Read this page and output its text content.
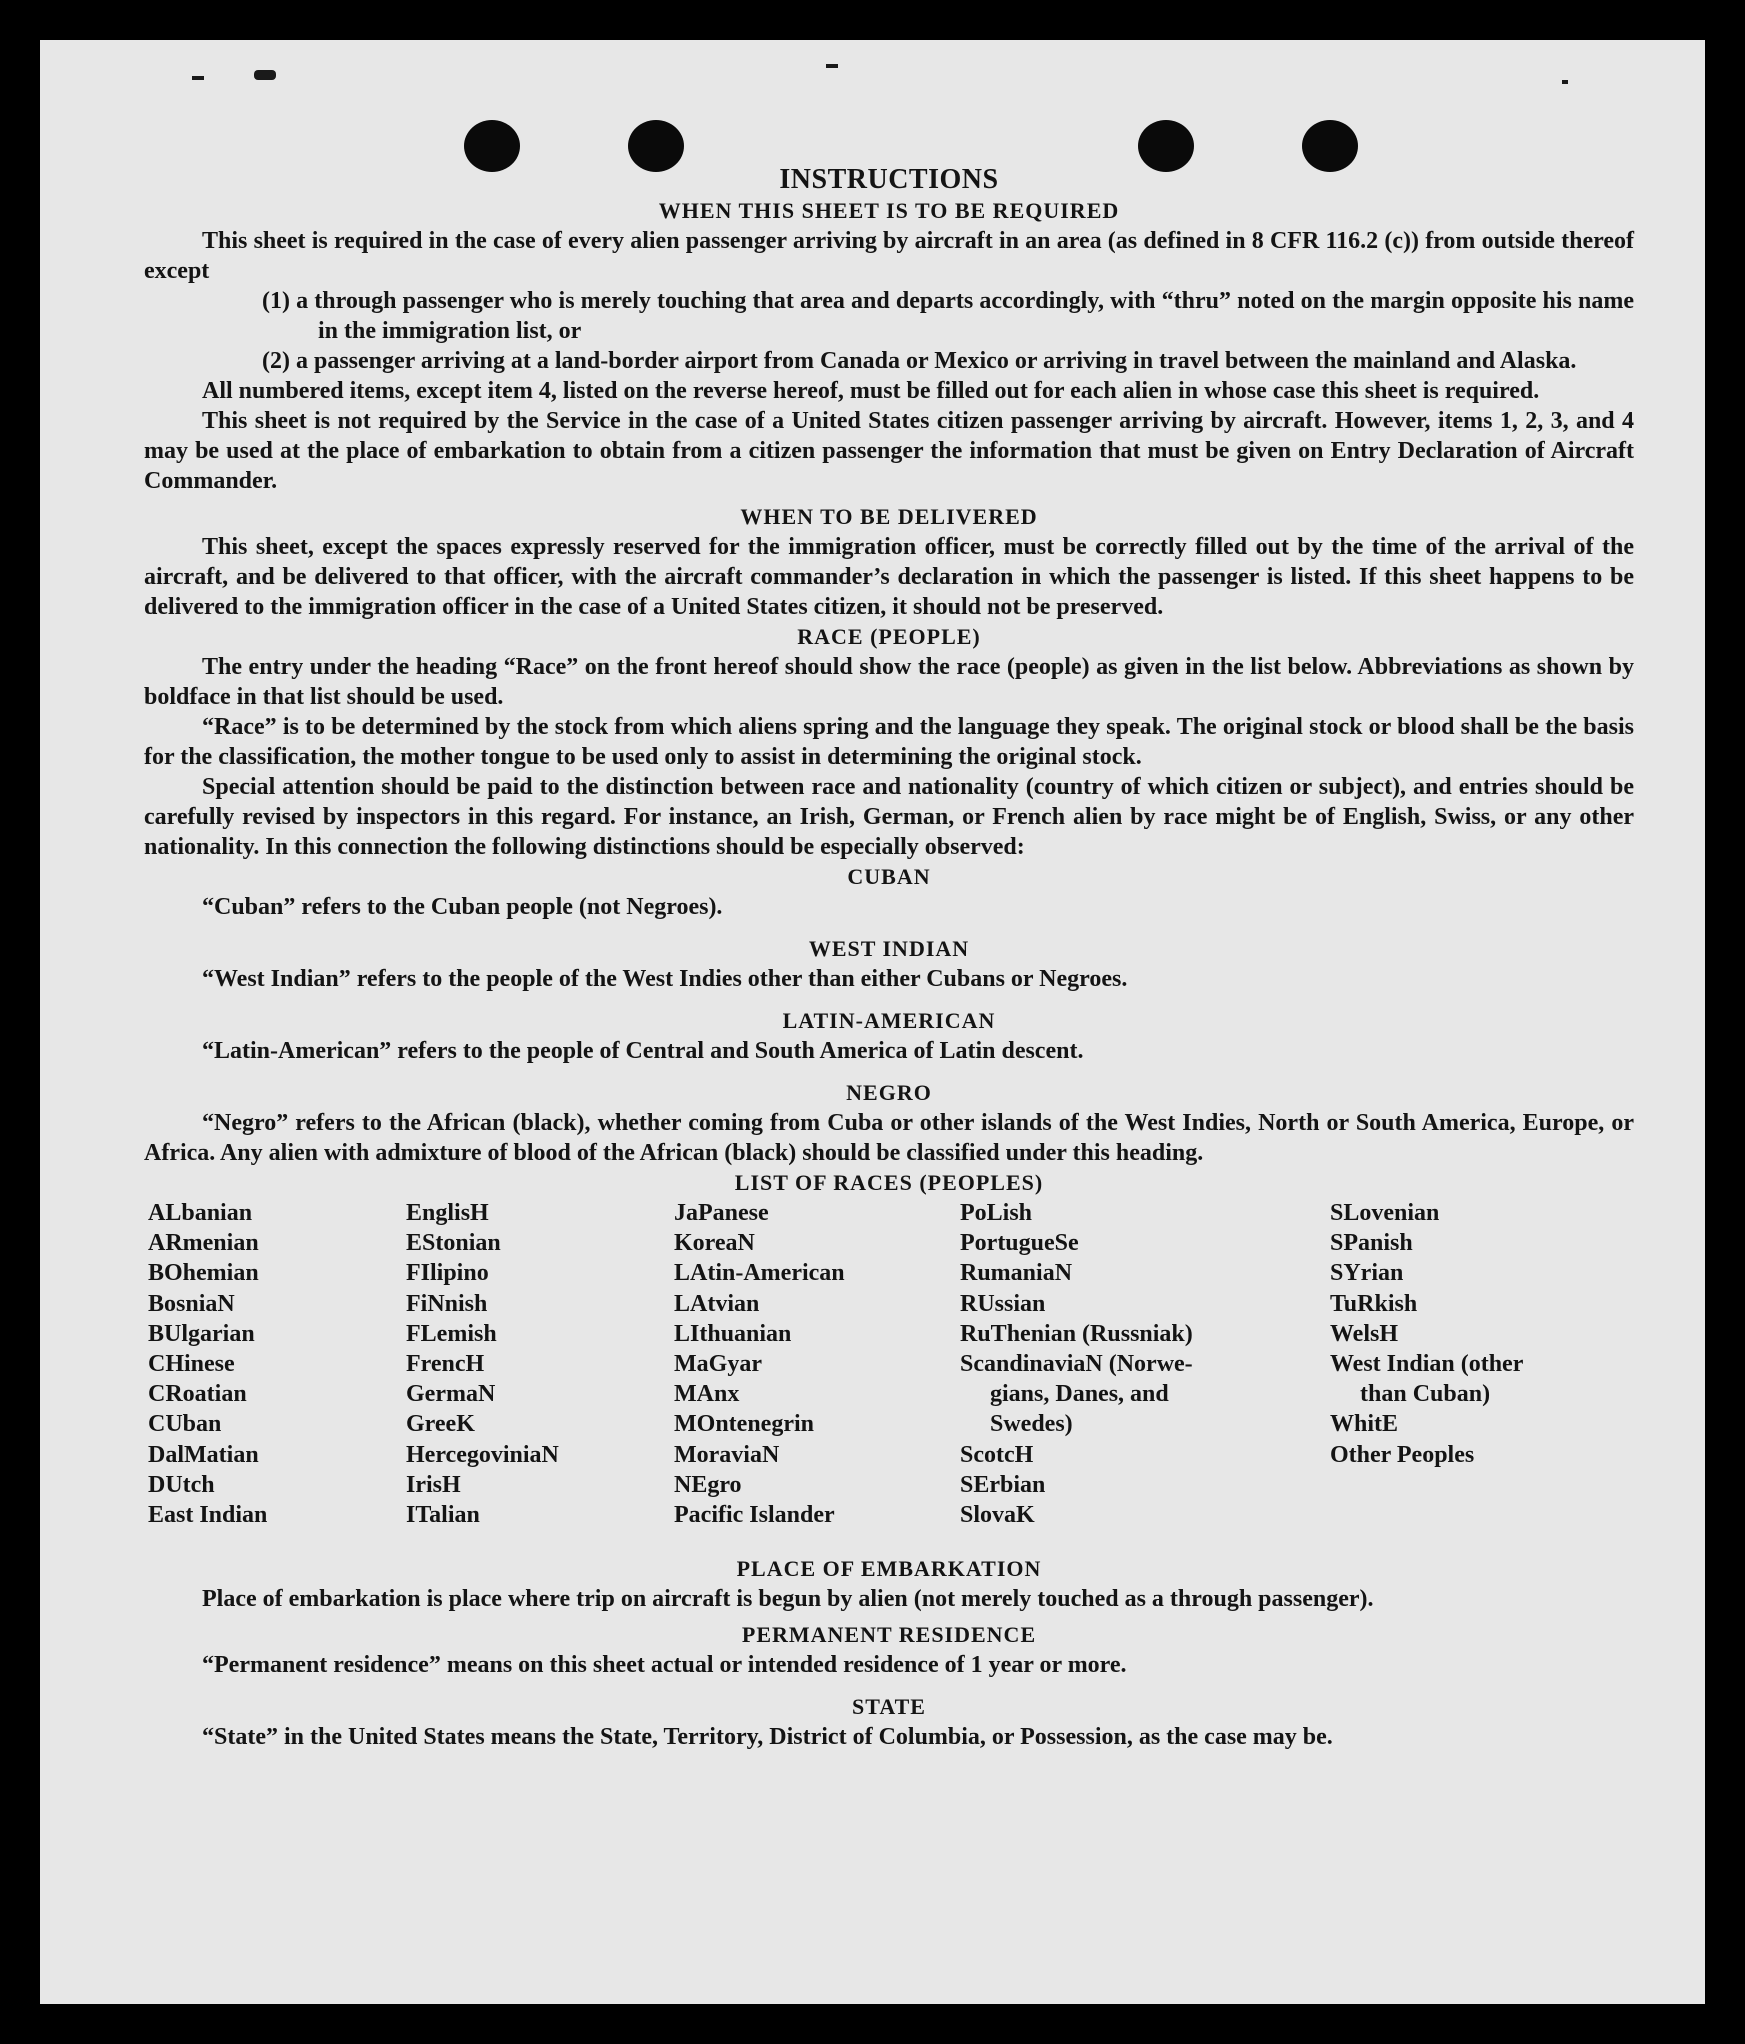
INSTRUCTIONS
WHEN THIS SHEET IS TO BE REQUIRED

This sheet is required in the case of every alien passenger arriving by aircraft in an area (as defined in 8 CFR 116.2 (c)) from outside thereof except

(1) a through passenger who is merely touching that area and departs accordingly, with “thru” noted on the margin opposite his name in the immigration list, or

(2) a passenger arriving at a land-border airport from Canada or Mexico or arriving in travel between the mainland and Alaska.

All numbered items, except item 4, listed on the reverse hereof, must be filled out for each alien in whose case this sheet is required.

This sheet is not required by the Service in the case of a United States citizen passenger arriving by aircraft. However, items 1, 2, 3, and 4 may be used at the place of embarkation to obtain from a citizen passenger the information that must be given on Entry Declaration of Aircraft Commander.

WHEN TO BE DELIVERED

This sheet, except the spaces expressly reserved for the immigration officer, must be correctly filled out by the time of the arrival of the aircraft, and be delivered to that officer, with the aircraft commander’s declaration in which the passenger is listed. If this sheet happens to be delivered to the immigration officer in the case of a United States citizen, it should not be preserved.

RACE (PEOPLE)

The entry under the heading “Race” on the front hereof should show the race (people) as given in the list below. Abbreviations as shown by boldface in that list should be used.

“Race” is to be determined by the stock from which aliens spring and the language they speak. The original stock or blood shall be the basis for the classification, the mother tongue to be used only to assist in determining the original stock.

Special attention should be paid to the distinction between race and nationality (country of which citizen or subject), and entries should be carefully revised by inspectors in this regard. For instance, an Irish, German, or French alien by race might be of English, Swiss, or any other nationality. In this connection the following distinctions should be especially observed:

CUBAN

“Cuban” refers to the Cuban people (not Negroes).

WEST INDIAN

“West Indian” refers to the people of the West Indies other than either Cubans or Negroes.

LATIN-AMERICAN

“Latin-American” refers to the people of Central and South America of Latin descent.

NEGRO

“Negro” refers to the African (black), whether coming from Cuba or other islands of the West Indies, North or South America, Europe, or Africa. Any alien with admixture of blood of the African (black) should be classified under this heading.

LIST OF RACES (PEOPLES)
ALbanian
ARmenian
BOhemian
BosniaN
BUlgarian
CHinese
CRoatian
CUban
DalMatian
DUtch
East Indian
EnglisH
EStonian
FIlipino
FiNnish
FLemish
FrencH
GermaN
GreeK
HercegoviniaN
IrisH
ITalian
JaPanese
KoreaN
LAtin-American
LAtvian
LIthuanian
MaGyar
MAnx
MOntenegrin
MoraviaN
NEgro
Pacific Islander
PoLish
PortugueSe
RumaniaN
RUssian
RuThenian (Russniak)
ScandinaviaN (Norwe-
gians, Danes, and
Swedes)
ScotcH
SErbian
SlovaK
SLovenian
SPanish
SYrian
TuRkish
WelsH
West Indian (other
than Cuban)
WhitE
Other Peoples
PLACE OF EMBARKATION

Place of embarkation is place where trip on aircraft is begun by alien (not merely touched as a through passenger).

PERMANENT RESIDENCE

“Permanent residence” means on this sheet actual or intended residence of 1 year or more.

STATE

“State” in the United States means the State, Territory, District of Columbia, or Possession, as the case may be.
